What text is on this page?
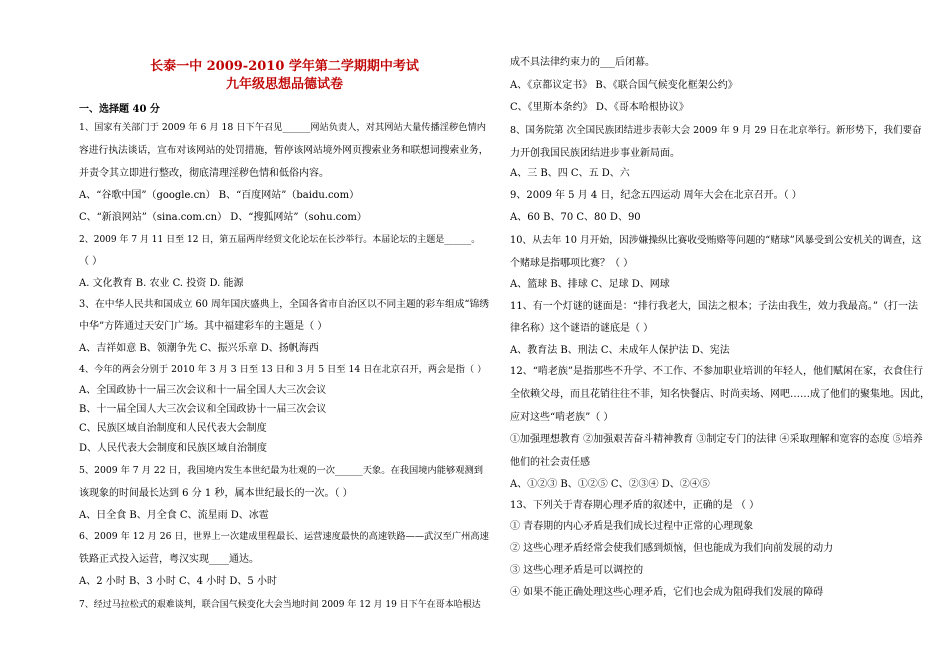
长泰一中 2009-2010 学年第二学期期中考试
九年级思想品德试卷
一、选择题 40 分
1、国家有关部门于 2009 年 6 月 18 日下午召见______网站负责人，对其网站大量传播淫秽色情内
容进行执法谈话，宣布对该网站的处罚措施，暂停该网站境外网页搜索业务和联想词搜索业务，
并责令其立即进行整改，彻底清理淫秽色情和低俗内容。
A、“谷歌中国”（google.cn） B、“百度网站”（baidu.com）
C、“新浪网站”（sina.com.cn） D、“搜狐网站”（sohu.com）
2、2009 年 7 月 11 日至 12 日，第五届两岸经贸文化论坛在长沙举行。本届论坛的主题是______。
（ ）
A. 文化教育 B. 农业 C. 投资 D. 能源
3、在中华人民共和国成立 60 周年国庆盛典上，全国各省市自治区以不同主题的彩车组成“锦绣
中华”方阵通过天安门广场。其中福建彩车的主题是（ ）
A、吉祥如意 B、领潮争先 C、振兴乐章 D、扬帆海西
4、今年的两会分别于 2010 年 3 月 3 日至 13 日和 3 月 5 日至 14 日在北京召开，两会是指（ ）
A、全国政协十一届三次会议和十一届全国人大三次会议
B、十一届全国人大三次会议和全国政协十一届三次会议
C、民族区域自治制度和人民代表大会制度
D、人民代表大会制度和民族区域自治制度
5、2009 年 7 月 22 日，我国境内发生本世纪最为壮观的一次______天象。在我国境内能够观测到
该现象的时间最长达到 6 分 1 秒，属本世纪最长的一次。（ ）
A、日全食 B、月全食 C、流星雨 D、冰雹
6、2009 年 12 月 26 日，世界上一次建成里程最长、运营速度最快的高速铁路——武汉至广州高速
铁路正式投入运营，粤汉实现____通达。
A、2 小时 B、3 小时 C、4 小时 D、5 小时
7、经过马拉松式的艰难谈判，联合国气候变化大会当地时间 2009 年 12 月 19 日下午在哥本哈根达
成不具法律约束力的___后闭幕。
A、《京都议定书》 B、《联合国气候变化框架公约》
C、《里斯本条约》 D、《哥本哈根协议》
8、国务院第 次全国民族团结进步表彰大会 2009 年 9 月 29 日在北京举行。新形势下，我们要奋
力开创我国民族团结进步事业新局面。
A、三 B、四 C、五 D、六
9、2009 年 5 月 4 日，纪念五四运动 周年大会在北京召开。（ ）
A、60 B、70 C、80 D、90
10、从去年 10 月开始，因涉嫌操纵比赛收受贿赂等问题的“赌球”风暴受到公安机关的调查，这
个赌球是指哪项比赛？（ ）
A、篮球 B、排球 C、足球 D、网球
11、有一个灯谜的谜面是：“排行我老大，国法之根本；子法由我生，效力我最高。”（打一法
律名称）这个谜语的谜底是（ ）
A、教育法 B、刑法 C、未成年人保护法 D、宪法
12、“啃老族”是指那些不升学、不工作、不参加职业培训的年轻人，他们赋闲在家，衣食住行
全依赖父母，而且花销往往不菲，知名快餐店、时尚卖场、网吧……成了他们的聚集地。因此，
应对这些“啃老族”（ ）
①加强理想教育 ②加强艰苦奋斗精神教育 ③制定专门的法律 ④采取理解和宽容的态度 ⑤培养
他们的社会责任感
A、①②③ B、①②⑤ C、②③④ D、②④⑤
13、下列关于青春期心理矛盾的叙述中，正确的是 （ ）
① 青春期的内心矛盾是我们成长过程中正常的心理现象
② 这些心理矛盾经常会使我们感到烦恼，但也能成为我们向前发展的动力
③ 这些心理矛盾是可以调控的
④ 如果不能正确处理这些心理矛盾，它们也会成为阻碍我们发展的障碍
